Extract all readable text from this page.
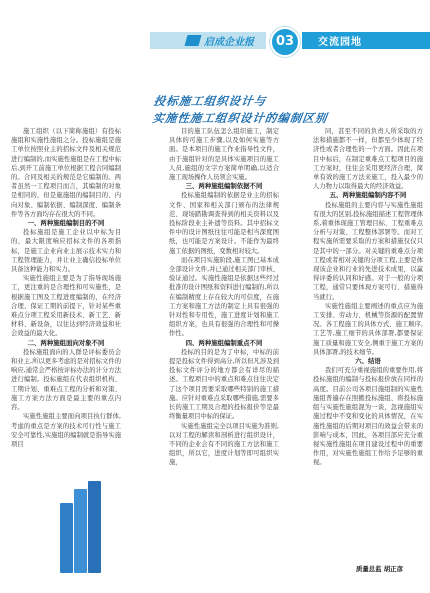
启成企业报	交流园地
03
投标施工组织设计与
实施性施工组织设计的编制区别

施工组织（以下简称施组）有投标施组和实施性施组之分。投标施组是施工单位按照业主的招标文件及相关规范进行编制的,而实施性施组是在工程中标后,到开工前施工单位根据工程合同编制的。合同及相关的规范是它编制的。两者虽然一工程项目而言，其编制的对象是相同的，但是施施组的编制目的、内向对象、编制依据、编制深度、编制条件等各方面均存在很大的不同。

一、两种施组编制目的不同

投标施组是施工企业以中标为目的，最大限度响应招标文件的各项指标，是施工企业向业主展示技术实力和工程管理能力，并让业主确信投标单位具备这种能力和实力。

实施性施组主要是为了指导现场施工，更注重的是合理性和可实施性，是根据施工图及工程进度编制的，在经济合理、保证工期的前提下，针对某些重难点分项工程采用新技术、新工艺、新材料、新设备，以往达到经济效益和社会效益的最大化。

二、两种施组面向对象不同

投标施组面向的人群是评标委员会和业主,所以更多考虑的是对招标文件的响应,通常会严格按评标办法的计分方法进行编制。投标施组在代表组织机构、工期计划、重难点工程的分析和对策、施工方案方法方面是最主要的重点内容。

实施性施组主要面向项目执行群体,考虑的重点是方案的技术可行性与施工安全可靠性,实施组的编制就是指导实施项目

目的施工队伍怎么组织施工，制定具体的可施工步骤,以及如何实施等方面。是本项目的施工作业指导性文件，由于施组针对的是具体实施项目的施工人员,施组的文字方案简单明确,以适合施工现场操作人员领会实施。

三、两种施组编制依据不同

投标施组编制的依据是业主的招标文件、国家和相关部门颁布的法律规范、现场踏勘调查得到的相关资料以及投标阶段业主补遗等资料。其中招标文件中的设计图纸往往可能是相当深度图纸，也可能是方案设计。不能作为最终施工依据的图纸，变数相对较大。

而在项目实施阶段,施工图已基本成全部设计文件,并已通过相关部门审核、验证通过。实施性施组是依据这些经过批准的设计图纸和资料进行编制的,所以在编制精度上存在较大的可信度，在施工方案和施工方法的制定上具有很强的针对性和专用性，施工进度计划和施工组织方案，也具有很强的合理性和可操作性。

四、两种施组编制重点不同

投标的目的是为了中标，中标的前提是投标文件得到高分,所以但凡涉及到投标文件评分的地方都会有详尽的描述。工程项目中的重点和难点往往决定了这个项目需要采取哪些特别的施工措施。应针对重难点采取哪些措施,需要多长的施工工期及合理的投标报价等是最终衡量项目中标的保证。

实施性施组完全以项目实施为准则,以对工程的解读和剖析进行组织设计，不同的企业会有不同的施工方法和施工组织，所以它，进度计划等即可组织实施，

同，甚至不同的负责人所采取的方法和措施都不一样，但都至少体现了经济性或者合理性的一个方面。因此在项目中标后，在制定重难点工程项目的施工方案时，往往会采用更经济合理，简单有效的施工方法来施工，投入最少的人力物力以取得最大的经济效益。

五、两种施组编制内容不同

投标施组的主要内容与实施性施组有很大的区别,投标施组描述工程管理体系,着重体现施工管理目标、工程重难点分析与对策、工程整体部署等。而对工程实施所需要采取的方案和措施仅仅只是其中的一部分。对关键的重难点分项工程或者相对关键的分项工程,主要是体现该企业和行业的先进技术成果，以赢得评委的认同和好感。对于一般的分项工程，通常只要体现方案可行、措施得当就行。

实施性施组主要阐述的重点应为施工安排、劳动力、机械等资源的配置情况。各工程施工的具体方式、施工顺序,工艺等,施工细节的具体部署,都要保证施工质量和施工安全,侧重于施工方案的具体部署,的技术细节。

六、结语

我们可充分重视施组的重要作用,将投标施组的编制与投标报价放在同样的高度。目前公司各项目施组制的实施性施组普遍存在照搬投标施组、将投标施组与实施性施组混为一谈，忽视施组实施过程中不变和变化的具体情况，在实施性施组的后期对项目的效益会带来的影响与成本，因此，各项目部应充分重视实施性施组在项目建设过程中的重要作用，对实施性施组工作给予足够的重视。

质量总监 胡正彦
